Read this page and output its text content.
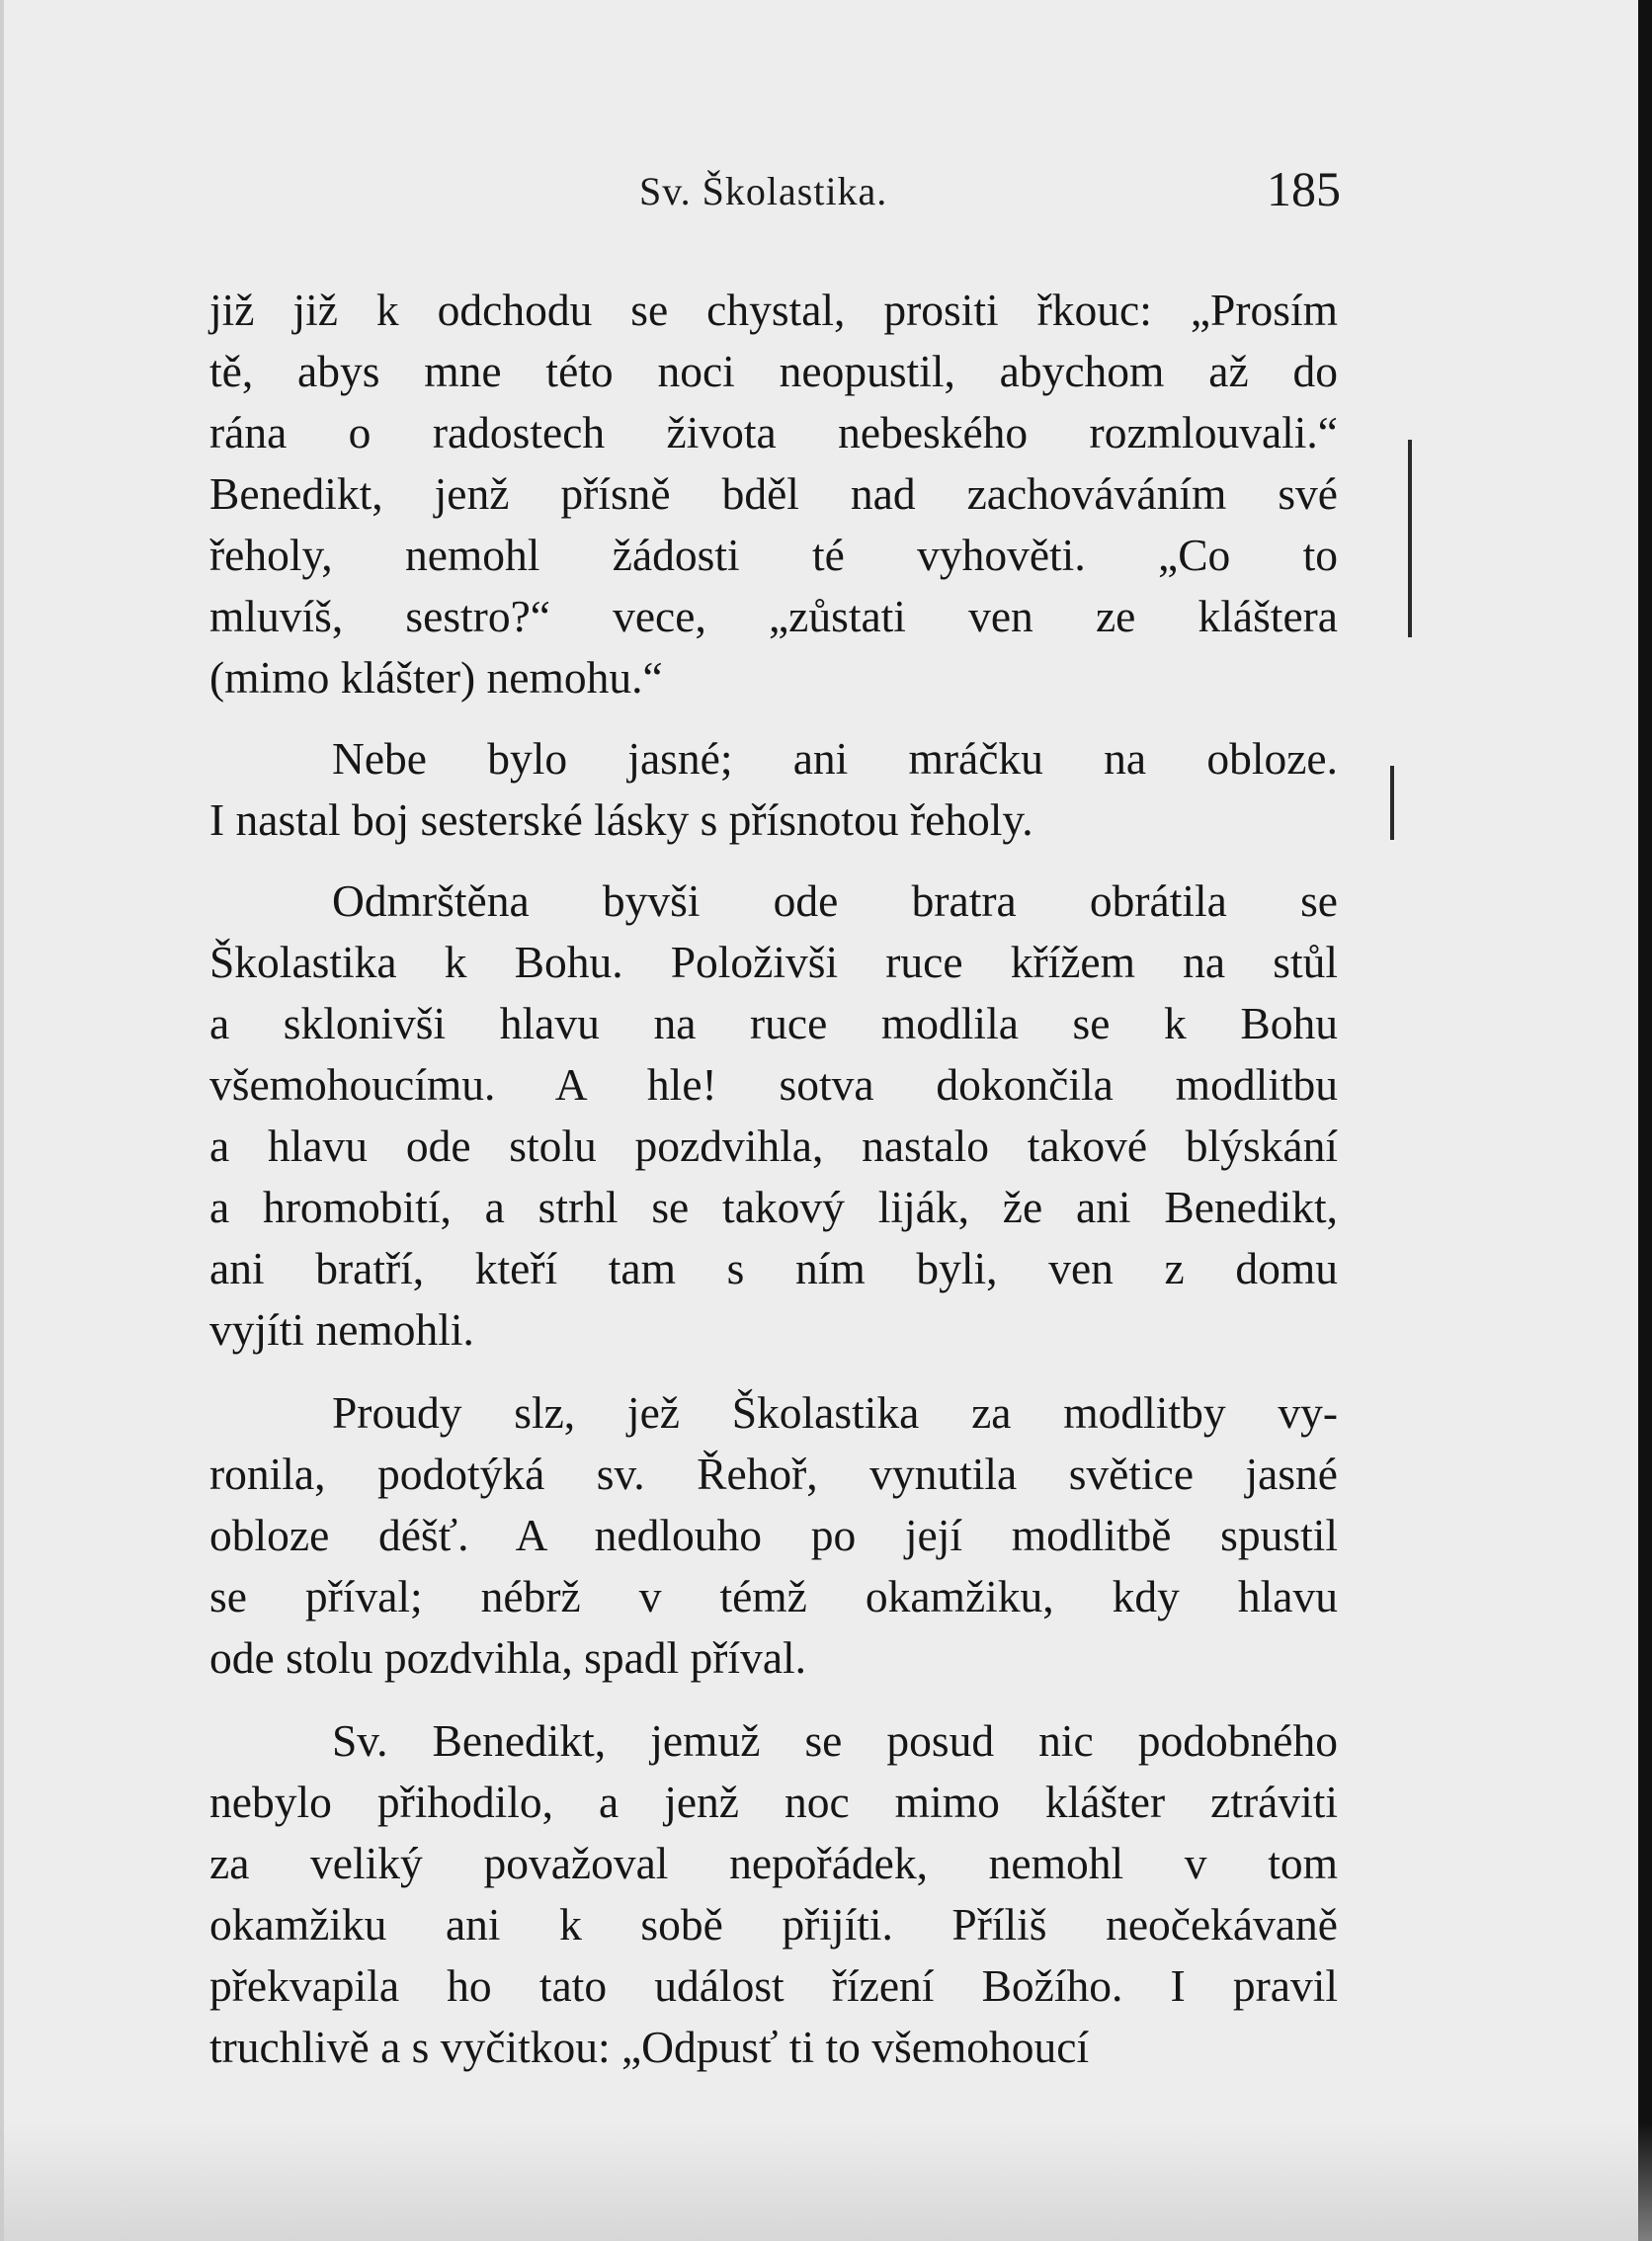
Sv. Školastika.	185
již již k odchodu se chystal, prositi řkouc: „Prosím
tě, abys mne této noci neopustil, abychom až do
rána o radostech života nebeského rozmlouvali.“
Benedikt, jenž přísně bděl nad zachováváním své
řeholy, nemohl žádosti té vyhověti. „Co to
mluvíš, sestro?“ vece, „zůstati ven ze kláštera
(mimo klášter) nemohu.“
Nebe bylo jasné; ani mráčku na obloze.
I nastal boj sesterské lásky s přísnotou řeholy.
Odmrštěna byvši ode bratra obrátila se
Školastika k Bohu. Položivši ruce křížem na stůl
a sklonivši hlavu na ruce modlila se k Bohu
všemohoucímu. A hle! sotva dokončila modlitbu
a hlavu ode stolu pozdvihla, nastalo takové blýskání
a hromobití, a strhl se takový liják, že ani Benedikt,
ani bratří, kteří tam s ním byli, ven z domu
vyjíti nemohli.
Proudy slz, jež Školastika za modlitby vy-
ronila, podotýká sv. Řehoř, vynutila světice jasné
obloze déšť. A nedlouho po její modlitbě spustil
se příval; nébrž v témž okamžiku, kdy hlavu
ode stolu pozdvihla, spadl příval.
Sv. Benedikt, jemuž se posud nic podobného
nebylo přihodilo, a jenž noc mimo klášter ztráviti
za veliký považoval nepořádek, nemohl v tom
okamžiku ani k sobě přijíti. Příliš neočekávaně
překvapila ho tato událost řízení Božího. I pravil
truchlivě a s vyčitkou: „Odpusť ti to všemohoucí
